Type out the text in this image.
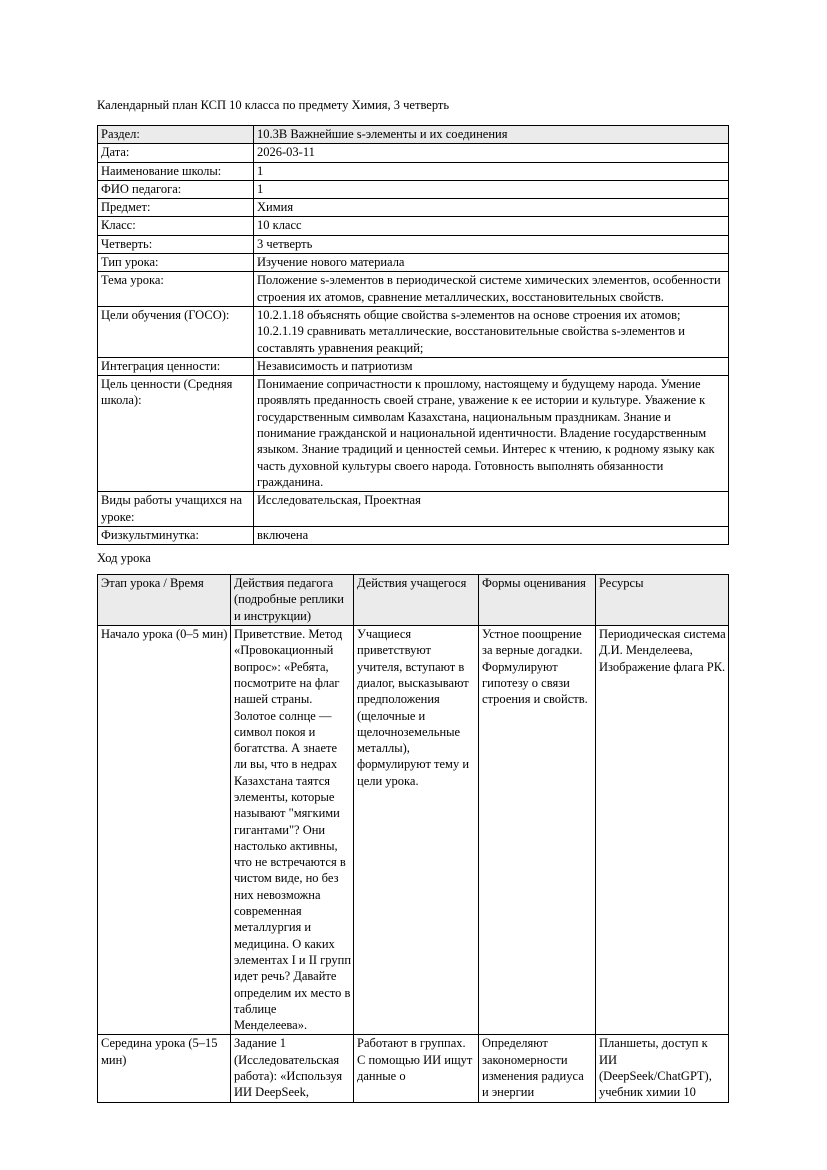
Календарный план КСП 10 класса по предмету Химия, 3 четверть

Раздел:	10.3В Важнейшие s-элементы и их соединения
Дата:	2026-03-11
Наименование школы:	1
ФИО педагога:	1
Предмет:	Химия
Класс:	10 класс
Четверть:	3 четверть
Тип урока:	Изучение нового материала
Тема урока:	Положение s-элементов в периодической системе химических элементов, особенности строения их атомов, сравнение металлических, восстановительных свойств.
Цели обучения (ГОСО):	10.2.1.18 объяснять общие свойства s-элементов на основе строения их атомов; 10.2.1.19 сравнивать металлические, восстановительные свойства s-элементов и составлять уравнения реакций;
Интеграция ценности:	Независимость и патриотизм
Цель ценности (Средняя школа):	Понимаение сопричастности к прошлому, настоящему и будущему народа. Умение проявлять преданность своей стране, уважение к ее истории и культуре. Уважение к государственным символам Казахстана, национальным праздникам. Знание и понимание гражданской и национальной идентичности. Владение государственным языком. Знание традиций и ценностей семьи. Интерес к чтению, к родному языку как часть духовной культуры своего народа. Готовность выполнять обязанности гражданина.
Виды работы учащихся на уроке:	Исследовательская, Проектная
Физкультминутка:	включена

Ход урока

Этап урока / Время	Действия педагога (подробные реплики и инструкции)	Действия учащегося	Формы оценивания	Ресурсы
Начало урока (0–5 мин)	Приветствие. Метод «Провокационный вопрос»: «Ребята, посмотрите на флаг нашей страны. Золотое солнце — символ покоя и богатства. А знаете ли вы, что в недрах Казахстана таятся элементы, которые называют "мягкими гигантами"? Они настолько активны, что не встречаются в чистом виде, но без них невозможна современная металлургия и медицина. О каких элементах I и II групп идет речь? Давайте определим их место в таблице Менделеева».	Учащиеся приветствуют учителя, вступают в диалог, высказывают предположения (щелочные и щелочноземельные металлы), формулируют тему и цели урока.	Устное поощрение за верные догадки. Формулируют гипотезу о связи строения и свойств.	Периодическая система Д.И. Менделеева, Изображение флага РК.
Середина урока (5–15 мин)	Задание 1 (Исследовательская работа): «Используя ИИ DeepSeek,	Работают в группах. С помощью ИИ ищут данные о	Определяют закономерности изменения радиуса и энергии	Планшеты, доступ к ИИ (DeepSeek/ChatGPT), учебник химии 10
